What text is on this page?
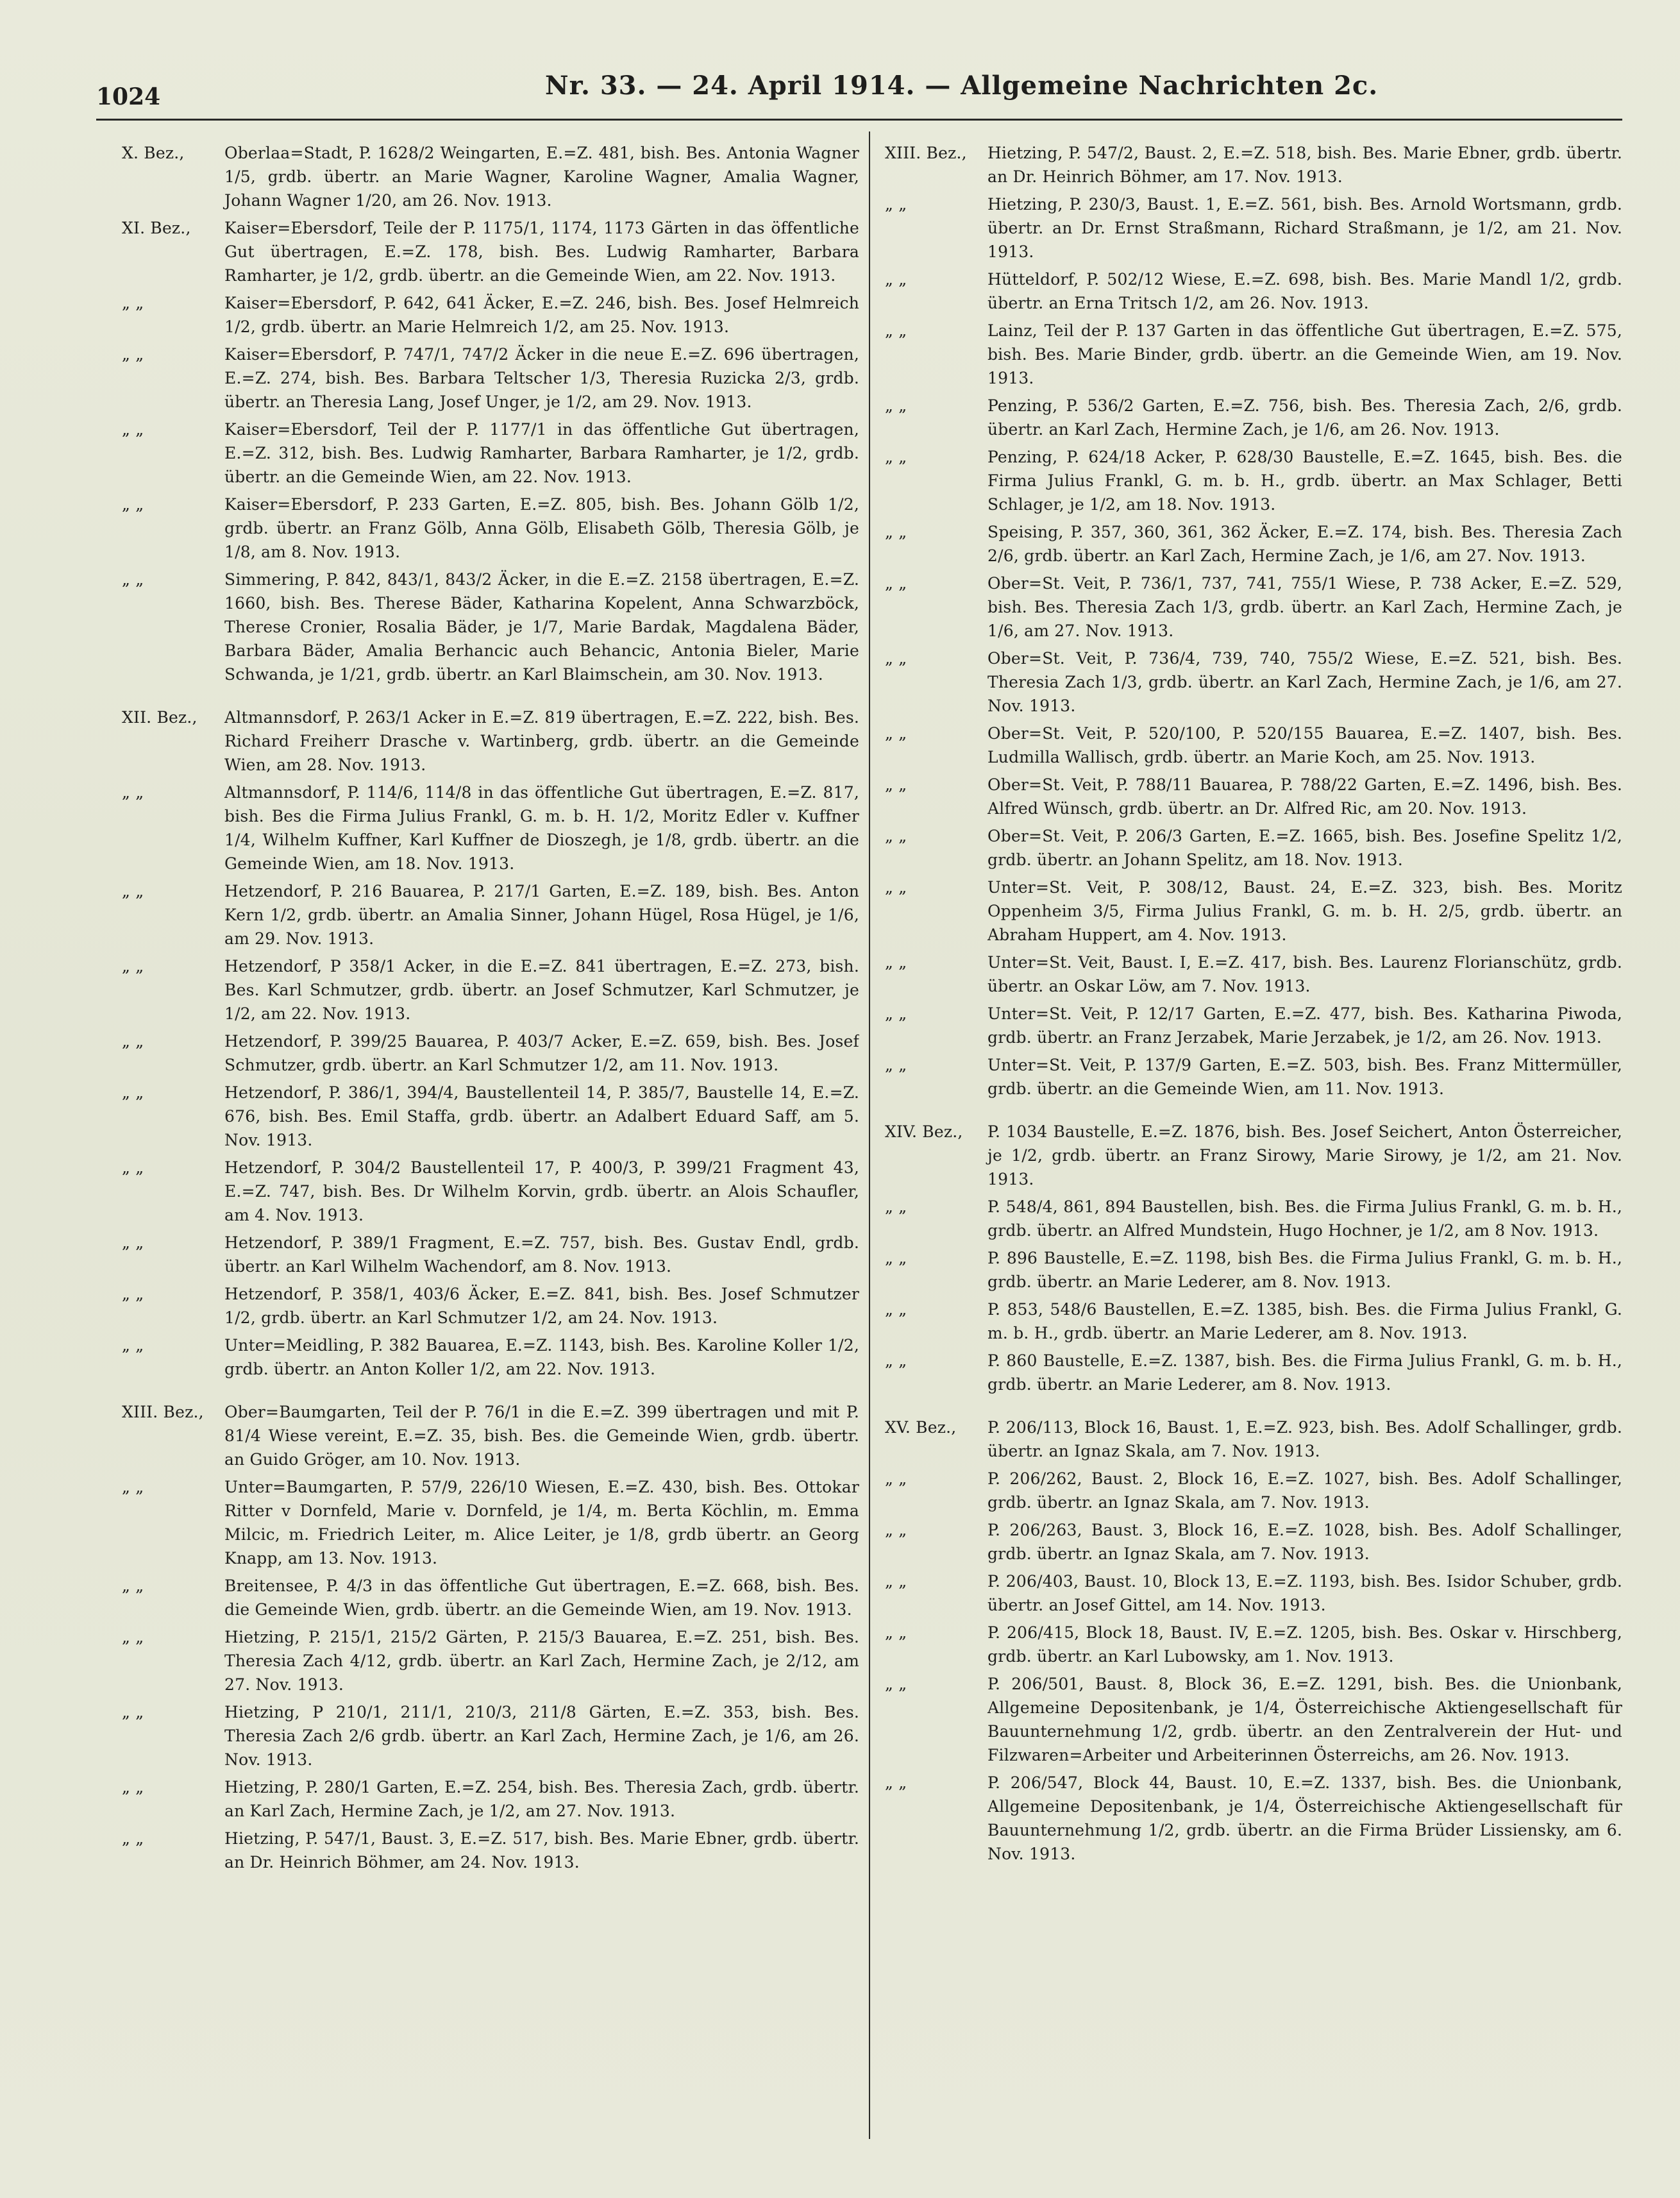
1024	Nr. 33. — 24. April 1914. — Allgemeine Nachrichten 2c.
X. Bez.,	Oberlaa=Stadt, P. 1628/2 Weingarten, E.=Z. 481, bish. Bes. Antonia Wagner 1/5, grdb. übertr. an Marie Wagner, Karoline Wagner, Amalia Wagner, Johann Wagner 1/20, am 26. Nov. 1913.
XI. Bez.,	Kaiser=Ebersdorf, Teile der P. 1175/1, 1174, 1173 Gärten in das öffentliche Gut übertragen, E.=Z. 178, bish. Bes. Ludwig Ramharter, Barbara Ramharter, je 1/2, grdb. übertr. an die Gemeinde Wien, am 22. Nov. 1913.
„ „	Kaiser=Ebersdorf, P. 642, 641 Äcker, E.=Z. 246, bish. Bes. Josef Helmreich 1/2, grdb. übertr. an Marie Helmreich 1/2, am 25. Nov. 1913.
„ „	Kaiser=Ebersdorf, P. 747/1, 747/2 Äcker in die neue E.=Z. 696 übertragen, E.=Z. 274, bish. Bes. Barbara Teltscher 1/3, Theresia Ruzicka 2/3, grdb. übertr. an Theresia Lang, Josef Unger, je 1/2, am 29. Nov. 1913.
„ „	Kaiser=Ebersdorf, Teil der P. 1177/1 in das öffentliche Gut übertragen, E.=Z. 312, bish. Bes. Ludwig Ramharter, Barbara Ramharter, je 1/2, grdb. übertr. an die Gemeinde Wien, am 22. Nov. 1913.
„ „	Kaiser=Ebersdorf, P. 233 Garten, E.=Z. 805, bish. Bes. Johann Gölb 1/2, grdb. übertr. an Franz Gölb, Anna Gölb, Elisabeth Gölb, Theresia Gölb, je 1/8, am 8. Nov. 1913.
„ „	Simmering, P. 842, 843/1, 843/2 Äcker, in die E.=Z. 2158 übertragen, E.=Z. 1660, bish. Bes. Therese Bäder, Katharina Kopelent, Anna Schwarzböck, Therese Cronier, Rosalia Bäder, je 1/7, Marie Bardak, Magdalena Bäder, Barbara Bäder, Amalia Berhancic auch Behancic, Antonia Bieler, Marie Schwanda, je 1/21, grdb. übertr. an Karl Blaimschein, am 30. Nov. 1913.
XII. Bez.,	Altmannsdorf, P. 263/1 Acker in E.=Z. 819 übertragen, E.=Z. 222, bish. Bes. Richard Freiherr Drasche v. Wartinberg, grdb. übertr. an die Gemeinde Wien, am 28. Nov. 1913.
„ „	Altmannsdorf, P. 114/6, 114/8 in das öffentliche Gut übertragen, E.=Z. 817, bish. Bes die Firma Julius Frankl, G. m. b. H. 1/2, Moritz Edler v. Kuffner 1/4, Wilhelm Kuffner, Karl Kuffner de Dioszegh, je 1/8, grdb. übertr. an die Gemeinde Wien, am 18. Nov. 1913.
„ „	Hetzendorf, P. 216 Bauarea, P. 217/1 Garten, E.=Z. 189, bish. Bes. Anton Kern 1/2, grdb. übertr. an Amalia Sinner, Johann Hügel, Rosa Hügel, je 1/6, am 29. Nov. 1913.
„ „	Hetzendorf, P 358/1 Acker, in die E.=Z. 841 übertragen, E.=Z. 273, bish. Bes. Karl Schmutzer, grdb. übertr. an Josef Schmutzer, Karl Schmutzer, je 1/2, am 22. Nov. 1913.
„ „	Hetzendorf, P. 399/25 Bauarea, P. 403/7 Acker, E.=Z. 659, bish. Bes. Josef Schmutzer, grdb. übertr. an Karl Schmutzer 1/2, am 11. Nov. 1913.
„ „	Hetzendorf, P. 386/1, 394/4, Baustellenteil 14, P. 385/7, Baustelle 14, E.=Z. 676, bish. Bes. Emil Staffa, grdb. übertr. an Adalbert Eduard Saff, am 5. Nov. 1913.
„ „	Hetzendorf, P. 304/2 Baustellenteil 17, P. 400/3, P. 399/21 Fragment 43, E.=Z. 747, bish. Bes. Dr Wilhelm Korvin, grdb. übertr. an Alois Schaufler, am 4. Nov. 1913.
„ „	Hetzendorf, P. 389/1 Fragment, E.=Z. 757, bish. Bes. Gustav Endl, grdb. übertr. an Karl Wilhelm Wachendorf, am 8. Nov. 1913.
„ „	Hetzendorf, P. 358/1, 403/6 Äcker, E.=Z. 841, bish. Bes. Josef Schmutzer 1/2, grdb. übertr. an Karl Schmutzer 1/2, am 24. Nov. 1913.
„ „	Unter=Meidling, P. 382 Bauarea, E.=Z. 1143, bish. Bes. Karoline Koller 1/2, grdb. übertr. an Anton Koller 1/2, am 22. Nov. 1913.
XIII. Bez.,	Ober=Baumgarten, Teil der P. 76/1 in die E.=Z. 399 übertragen und mit P. 81/4 Wiese vereint, E.=Z. 35, bish. Bes. die Gemeinde Wien, grdb. übertr. an Guido Gröger, am 10. Nov. 1913.
„ „	Unter=Baumgarten, P. 57/9, 226/10 Wiesen, E.=Z. 430, bish. Bes. Ottokar Ritter v Dornfeld, Marie v. Dornfeld, je 1/4, m. Berta Köchlin, m. Emma Milcic, m. Friedrich Leiter, m. Alice Leiter, je 1/8, grdb übertr. an Georg Knapp, am 13. Nov. 1913.
„ „	Breitensee, P. 4/3 in das öffentliche Gut übertragen, E.=Z. 668, bish. Bes. die Gemeinde Wien, grdb. übertr. an die Gemeinde Wien, am 19. Nov. 1913.
„ „	Hietzing, P. 215/1, 215/2 Gärten, P. 215/3 Bauarea, E.=Z. 251, bish. Bes. Theresia Zach 4/12, grdb. übertr. an Karl Zach, Hermine Zach, je 2/12, am 27. Nov. 1913.
„ „	Hietzing, P 210/1, 211/1, 210/3, 211/8 Gärten, E.=Z. 353, bish. Bes. Theresia Zach 2/6 grdb. übertr. an Karl Zach, Hermine Zach, je 1/6, am 26. Nov. 1913.
„ „	Hietzing, P. 280/1 Garten, E.=Z. 254, bish. Bes. Theresia Zach, grdb. übertr. an Karl Zach, Hermine Zach, je 1/2, am 27. Nov. 1913.
„ „	Hietzing, P. 547/1, Baust. 3, E.=Z. 517, bish. Bes. Marie Ebner, grdb. übertr. an Dr. Heinrich Böhmer, am 24. Nov. 1913.
XIII. Bez.,	Hietzing, P. 547/2, Baust. 2, E.=Z. 518, bish. Bes. Marie Ebner, grdb. übertr. an Dr. Heinrich Böhmer, am 17. Nov. 1913.
„ „	Hietzing, P. 230/3, Baust. 1, E.=Z. 561, bish. Bes. Arnold Wortsmann, grdb. übertr. an Dr. Ernst Straßmann, Richard Straßmann, je 1/2, am 21. Nov. 1913.
„ „	Hütteldorf, P. 502/12 Wiese, E.=Z. 698, bish. Bes. Marie Mandl 1/2, grdb. übertr. an Erna Tritsch 1/2, am 26. Nov. 1913.
„ „	Lainz, Teil der P. 137 Garten in das öffentliche Gut übertragen, E.=Z. 575, bish. Bes. Marie Binder, grdb. übertr. an die Gemeinde Wien, am 19. Nov. 1913.
„ „	Penzing, P. 536/2 Garten, E.=Z. 756, bish. Bes. Theresia Zach, 2/6, grdb. übertr. an Karl Zach, Hermine Zach, je 1/6, am 26. Nov. 1913.
„ „	Penzing, P. 624/18 Acker, P. 628/30 Baustelle, E.=Z. 1645, bish. Bes. die Firma Julius Frankl, G. m. b. H., grdb. übertr. an Max Schlager, Betti Schlager, je 1/2, am 18. Nov. 1913.
„ „	Speising, P. 357, 360, 361, 362 Äcker, E.=Z. 174, bish. Bes. Theresia Zach 2/6, grdb. übertr. an Karl Zach, Hermine Zach, je 1/6, am 27. Nov. 1913.
„ „	Ober=St. Veit, P. 736/1, 737, 741, 755/1 Wiese, P. 738 Acker, E.=Z. 529, bish. Bes. Theresia Zach 1/3, grdb. übertr. an Karl Zach, Hermine Zach, je 1/6, am 27. Nov. 1913.
„ „	Ober=St. Veit, P. 736/4, 739, 740, 755/2 Wiese, E.=Z. 521, bish. Bes. Theresia Zach 1/3, grdb. übertr. an Karl Zach, Hermine Zach, je 1/6, am 27. Nov. 1913.
„ „	Ober=St. Veit, P. 520/100, P. 520/155 Bauarea, E.=Z. 1407, bish. Bes. Ludmilla Wallisch, grdb. übertr. an Marie Koch, am 25. Nov. 1913.
„ „	Ober=St. Veit, P. 788/11 Bauarea, P. 788/22 Garten, E.=Z. 1496, bish. Bes. Alfred Wünsch, grdb. übertr. an Dr. Alfred Ric, am 20. Nov. 1913.
„ „	Ober=St. Veit, P. 206/3 Garten, E.=Z. 1665, bish. Bes. Josefine Spelitz 1/2, grdb. übertr. an Johann Spelitz, am 18. Nov. 1913.
„ „	Unter=St. Veit, P. 308/12, Baust. 24, E.=Z. 323, bish. Bes. Moritz Oppenheim 3/5, Firma Julius Frankl, G. m. b. H. 2/5, grdb. übertr. an Abraham Huppert, am 4. Nov. 1913.
„ „	Unter=St. Veit, Baust. I, E.=Z. 417, bish. Bes. Laurenz Florianschütz, grdb. übertr. an Oskar Löw, am 7. Nov. 1913.
„ „	Unter=St. Veit, P. 12/17 Garten, E.=Z. 477, bish. Bes. Katharina Piwoda, grdb. übertr. an Franz Jerzabek, Marie Jerzabek, je 1/2, am 26. Nov. 1913.
„ „	Unter=St. Veit, P. 137/9 Garten, E.=Z. 503, bish. Bes. Franz Mittermüller, grdb. übertr. an die Gemeinde Wien, am 11. Nov. 1913.
XIV. Bez.,	P. 1034 Baustelle, E.=Z. 1876, bish. Bes. Josef Seichert, Anton Österreicher, je 1/2, grdb. übertr. an Franz Sirowy, Marie Sirowy, je 1/2, am 21. Nov. 1913.
„ „	P. 548/4, 861, 894 Baustellen, bish. Bes. die Firma Julius Frankl, G. m. b. H., grdb. übertr. an Alfred Mundstein, Hugo Hochner, je 1/2, am 8 Nov. 1913.
„ „	P. 896 Baustelle, E.=Z. 1198, bish Bes. die Firma Julius Frankl, G. m. b. H., grdb. übertr. an Marie Lederer, am 8. Nov. 1913.
„ „	P. 853, 548/6 Baustellen, E.=Z. 1385, bish. Bes. die Firma Julius Frankl, G. m. b. H., grdb. übertr. an Marie Lederer, am 8. Nov. 1913.
„ „	P. 860 Baustelle, E.=Z. 1387, bish. Bes. die Firma Julius Frankl, G. m. b. H., grdb. übertr. an Marie Lederer, am 8. Nov. 1913.
XV. Bez.,	P. 206/113, Block 16, Baust. 1, E.=Z. 923, bish. Bes. Adolf Schallinger, grdb. übertr. an Ignaz Skala, am 7. Nov. 1913.
„ „	P. 206/262, Baust. 2, Block 16, E.=Z. 1027, bish. Bes. Adolf Schallinger, grdb. übertr. an Ignaz Skala, am 7. Nov. 1913.
„ „	P. 206/263, Baust. 3, Block 16, E.=Z. 1028, bish. Bes. Adolf Schallinger, grdb. übertr. an Ignaz Skala, am 7. Nov. 1913.
„ „	P. 206/403, Baust. 10, Block 13, E.=Z. 1193, bish. Bes. Isidor Schuber, grdb. übertr. an Josef Gittel, am 14. Nov. 1913.
„ „	P. 206/415, Block 18, Baust. IV, E.=Z. 1205, bish. Bes. Oskar v. Hirschberg, grdb. übertr. an Karl Lubowsky, am 1. Nov. 1913.
„ „	P. 206/501, Baust. 8, Block 36, E.=Z. 1291, bish. Bes. die Unionbank, Allgemeine Depositenbank, je 1/4, Österreichische Aktiengesellschaft für Bauunternehmung 1/2, grdb. übertr. an den Zentralverein der Hut- und Filzwaren=Arbeiter und Arbeiterinnen Österreichs, am 26. Nov. 1913.
„ „	P. 206/547, Block 44, Baust. 10, E.=Z. 1337, bish. Bes. die Unionbank, Allgemeine Depositenbank, je 1/4, Österreichische Aktiengesellschaft für Bauunternehmung 1/2, grdb. übertr. an die Firma Brüder Lissiensky, am 6. Nov. 1913.
